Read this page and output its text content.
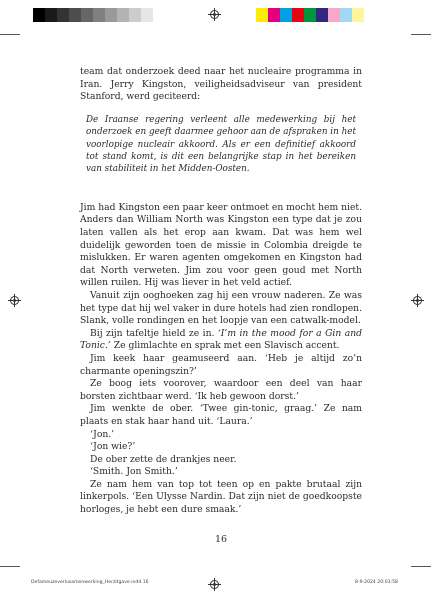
team dat onderzoek deed naar het nucleaire programma in Iran. Jerry Kingston, veiligheidsadviseur van president Stanford, werd geciteerd:

De Iraanse regering verleent alle medewerking bij het onderzoek en geeft daarmee gehoor aan de afspraken in het voorlopige nucleair akkoord. Als er een definitief akkoord tot stand komt, is dit een belangrijke stap in het bereiken van stabiliteit in het Midden-Oosten.

Jim had Kingston een paar keer ontmoet en mocht hem niet. Anders dan William North was Kingston een type dat je zou laten vallen als het erop aan kwam. Dat was hem wel duidelijk geworden toen de missie in Colombia dreigde te mislukken. Er waren agenten omgekomen en Kingston had dat North verweten. Jim zou voor geen goud met North willen ruilen. Hij was liever in het veld actief.

Vanuit zijn ooghoeken zag hij een vrouw naderen. Ze was het type dat hij wel vaker in dure hotels had zien rondlopen. Slank, volle rondingen en het loopje van een catwalk-model.

Bij zijn tafeltje hield ze in. ‘I’m in the mood for a Gin and Tonic.’ Ze glimlachte en sprak met een Slavisch accent.

Jim keek haar geamuseerd aan. ‘Heb je altijd zo’n charmante openingszin?’

Ze boog iets voorover, waardoor een deel van haar borsten zichtbaar werd. ‘Ik heb gewoon dorst.’

Jim wenkte de ober. ‘Twee gin-tonic, graag.’ Ze nam plaats en stak haar hand uit. ‘Laura.’

‘Jon.’

‘Jon wie?’

De ober zette de drankjes neer.

‘Smith. Jon Smith.’

Ze nam hem van top tot teen op en pakte brutaal zijn linkerpols. ‘Een Ulysse Nardin. Dat zijn niet de goedkoopste horloges, je hebt een dure smaak.’

16
Defameuzeverlusamenwerking_Herzitgave.indd 16	8-9-2024 20:03:58
